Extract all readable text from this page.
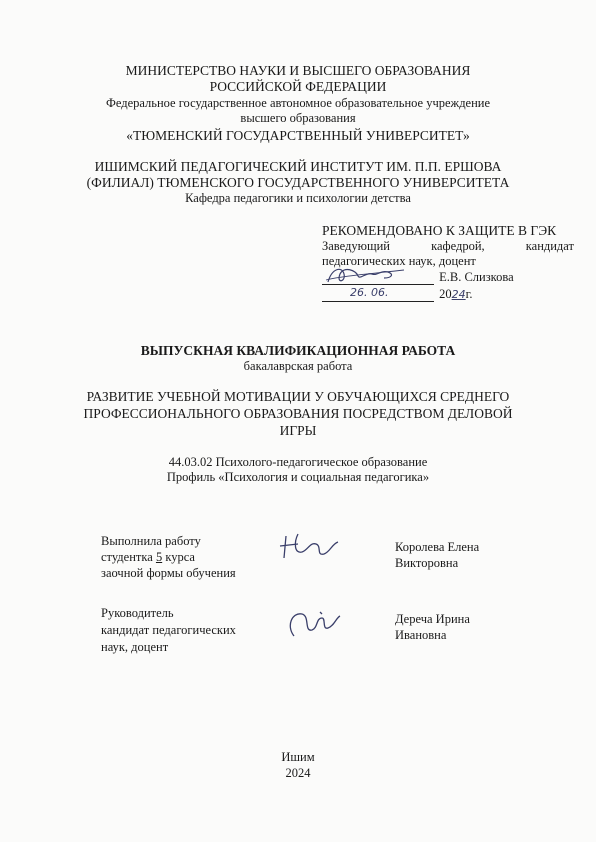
МИНИСТЕРСТВО НАУКИ И ВЫСШЕГО ОБРАЗОВАНИЯ
РОССИЙСКОЙ ФЕДЕРАЦИИ
Федеральное государственное автономное образовательное учреждение
высшего образования
«ТЮМЕНСКИЙ ГОСУДАРСТВЕННЫЙ УНИВЕРСИТЕТ»
ИШИМСКИЙ ПЕДАГОГИЧЕСКИЙ ИНСТИТУТ ИМ. П.П. ЕРШОВА
(ФИЛИАЛ) ТЮМЕНСКОГО ГОСУДАРСТВЕННОГО УНИВЕРСИТЕТА
Кафедра педагогики и психологии детства
РЕКОМЕНДОВАНО К ЗАЩИТЕ В ГЭК
Заведующий	кафедрой,	кандидат
педагогических наук, доцент
Е.В. Слизкова
26. 06.	2024г.
ВЫПУСКНАЯ КВАЛИФИКАЦИОННАЯ РАБОТА
бакалаврская работа
РАЗВИТИЕ УЧЕБНОЙ МОТИВАЦИИ У ОБУЧАЮЩИХСЯ СРЕДНЕГО
ПРОФЕССИОНАЛЬНОГО ОБРАЗОВАНИЯ ПОСРЕДСТВОМ ДЕЛОВОЙ
ИГРЫ
44.03.02 Психолого-педагогическое образование
Профиль «Психология и социальная педагогика»
Выполнила работу
студентка 5 курса
заочной формы обучения
Королева Елена
Викторовна
Руководитель
кандидат педагогических
наук, доцент
Дереча Ирина
Ивановна
Ишим
2024
